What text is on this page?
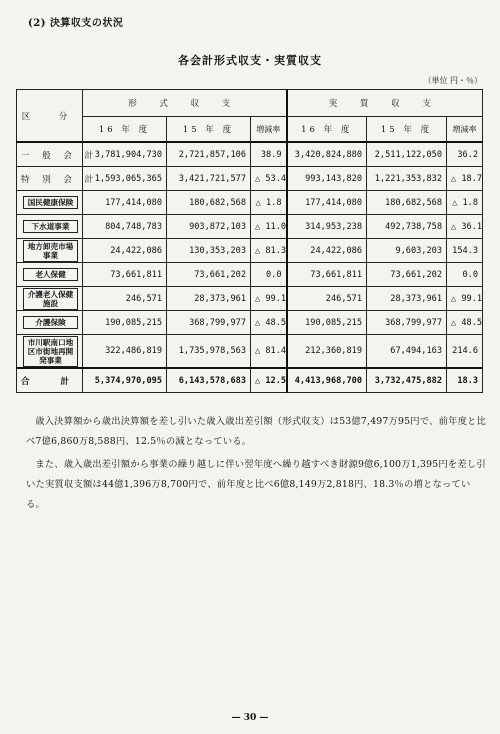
(2) 決算収支の状況
各会計形式収支・実質収支
（単位 円・％）
区　分	形 式 収 支			実 質 収 支		
	16 年 度	15 年 度	増減率	16 年 度	15 年 度	増減率
一 般 会 計	3,781,904,730	2,721,857,106	38.9	3,420,824,880	2,511,122,050	36.2
特 別 会 計	1,593,065,365	3,421,721,577	△ 53.4	993,143,820	1,221,353,832	△ 18.7

国民健康保険	177,414,080	180,682,568	△ 1.8	177,414,080	180,682,568	△ 1.8

下水道事業	804,748,783	903,872,103	△ 11.0	314,953,238	492,738,758	△ 36.1

地方卸売市場事業	24,422,086	130,353,203	△ 81.3	24,422,086	9,603,203	154.3

老人保健	73,661,811	73,661,202	0.0	73,661,811	73,661,202	0.0

介護老人保健施設	246,571	28,373,961	△ 99.1	246,571	28,373,961	△ 99.1

介護保険	190,085,215	368,799,977	△ 48.5	190,085,215	368,799,977	△ 48.5

市川駅南口地区市街地再開発事業	322,486,819	1,735,978,563	△ 81.4	212,360,819	67,494,163	214.6
合 計	5,374,970,095	6,143,578,683	△ 12.5	4,413,968,700	3,732,475,882	18.3

歳入決算額から歳出決算額を差し引いた歳入歳出差引額（形式収支）は53億7,497万95円で、前年度と比べ7億6,860万8,588円、12.5％の減となっている。

また、歳入歳出差引額から事業の繰り越しに伴い翌年度へ繰り越すべき財源9億6,100万1,395円を差し引いた実質収支額は44億1,396万8,700円で、前年度と比べ6億8,149万2,818円、18.3％の増となっている。

— 30 —
